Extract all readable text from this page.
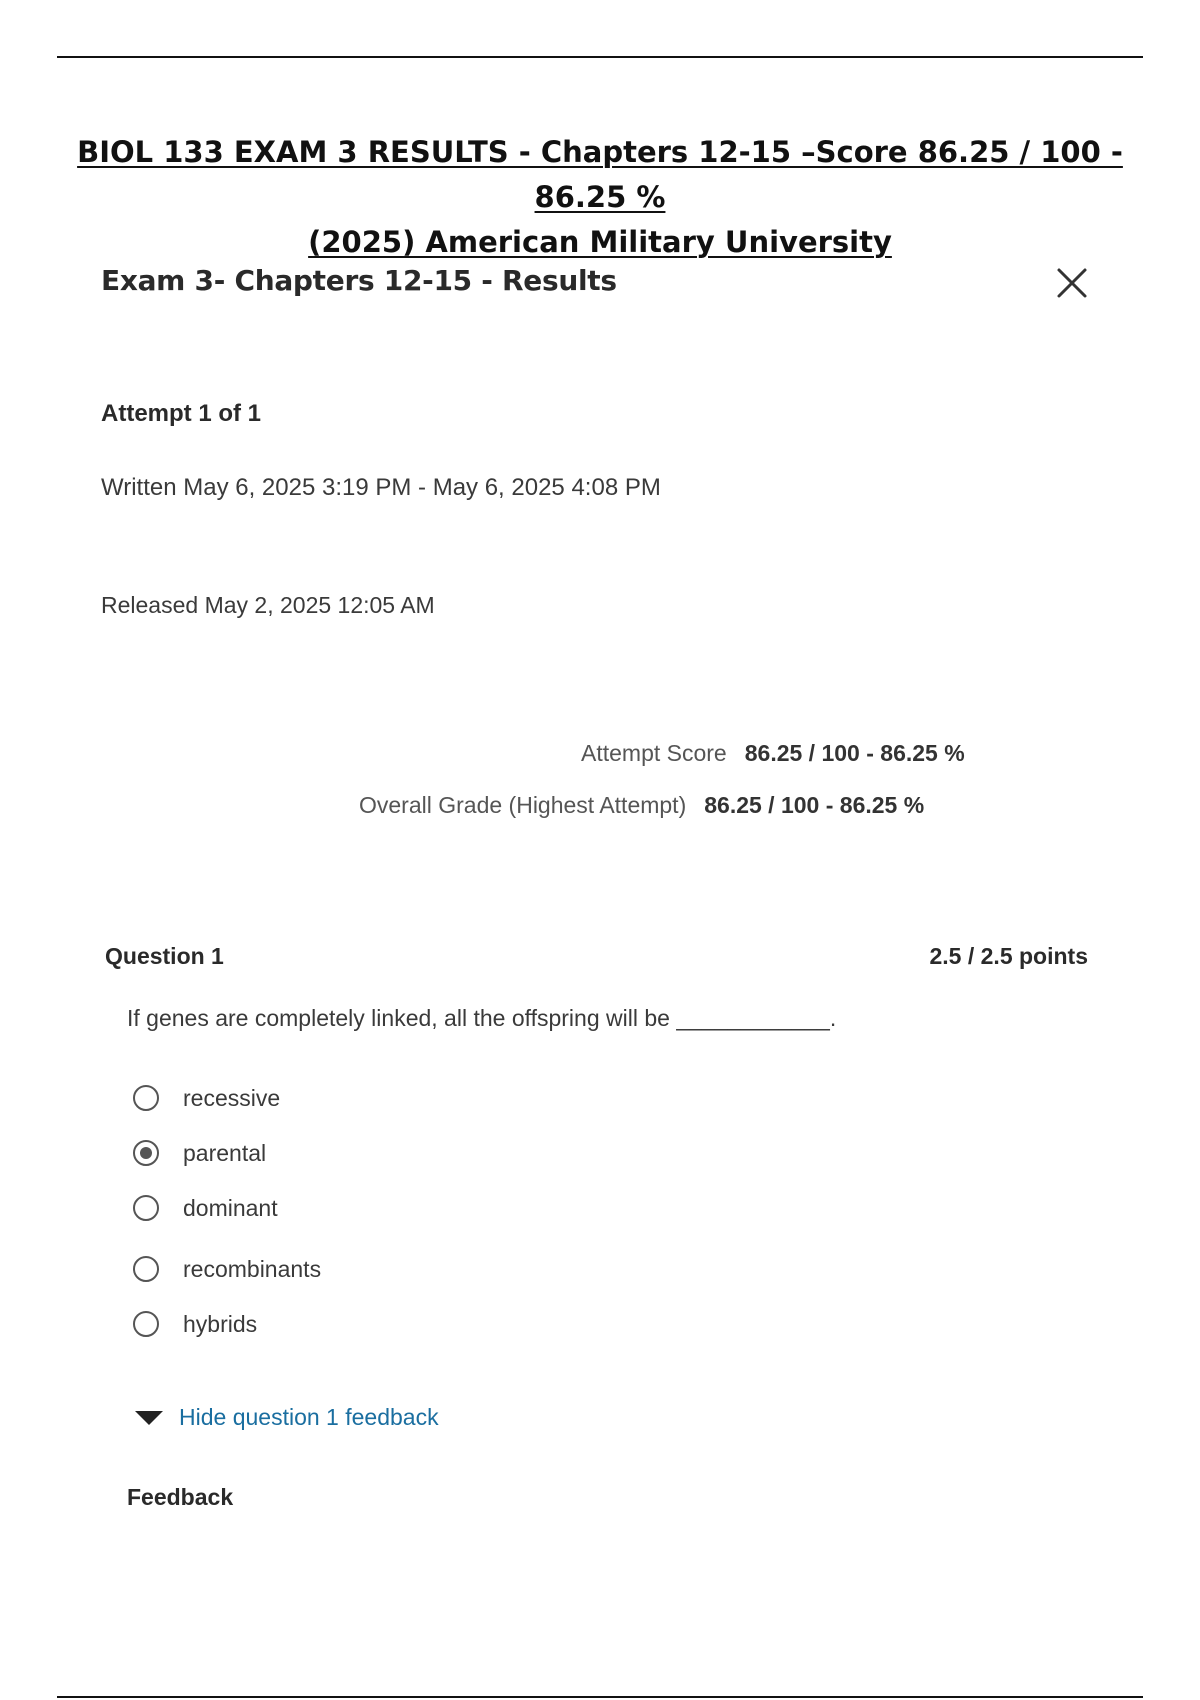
BIOL 133 EXAM 3 RESULTS - Chapters 12-15 –Score 86.25 / 100 - 86.25 %
(2025) American Military University
Exam 3- Chapters 12-15 - Results
Attempt 1 of 1
Written May 6, 2025 3:19 PM - May 6, 2025 4:08 PM
Released May 2, 2025 12:05 AM
Attempt Score 86.25 / 100 - 86.25 %
Overall Grade (Highest Attempt) 86.25 / 100 - 86.25 %
Question 1	2.5 / 2.5 points
If genes are completely linked, all the offspring will be ____________.
recessive
parental
dominant
recombinants
hybrids
Hide question 1 feedback
Feedback
